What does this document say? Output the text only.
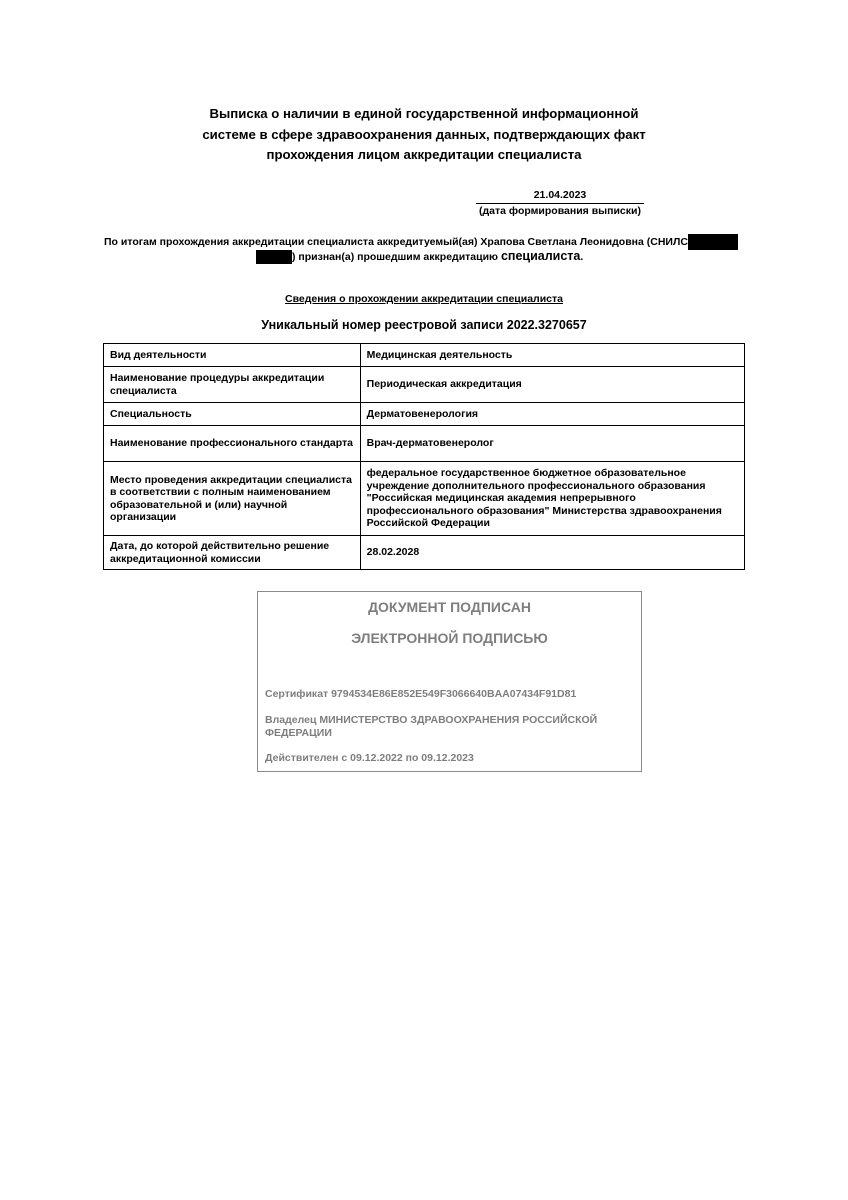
Выписка о наличии в единой государственной информационной
системе в сфере здравоохранения данных, подтверждающих факт
прохождения лицом аккредитации специалиста
21.04.2023
(дата формирования выписки)
По итогам прохождения аккредитации специалиста аккредитуемый(ая) Храпова Светлана Леонидовна (СНИЛС
) признан(а) прошедшим аккредитацию специалиста.
Сведения о прохождении аккредитации специалиста
Уникальный номер реестровой записи 2022.3270657
Вид деятельности	Медицинская деятельность
Наименование процедуры аккредитации специалиста	Периодическая аккредитация
Специальность	Дерматовенерология
Наименование профессионального стандарта	Врач-дерматовенеролог
Место проведения аккредитации специалиста в соответствии с полным наименованием образовательной и (или) научной организации	федеральное государственное бюджетное образовательное учреждение дополнительного профессионального образования "Российская медицинская академия непрерывного профессионального образования" Министерства здравоохранения Российской Федерации
Дата, до которой действительно решение аккредитационной комиссии	28.02.2028
ДОКУМЕНТ ПОДПИСАН
ЭЛЕКТРОННОЙ ПОДПИСЬЮ
Сертификат 9794534E86E852E549F3066640BAA07434F91D81
Владелец МИНИСТЕРСТВО ЗДРАВООХРАНЕНИЯ РОССИЙСКОЙ ФЕДЕРАЦИИ
Действителен с 09.12.2022 по 09.12.2023
